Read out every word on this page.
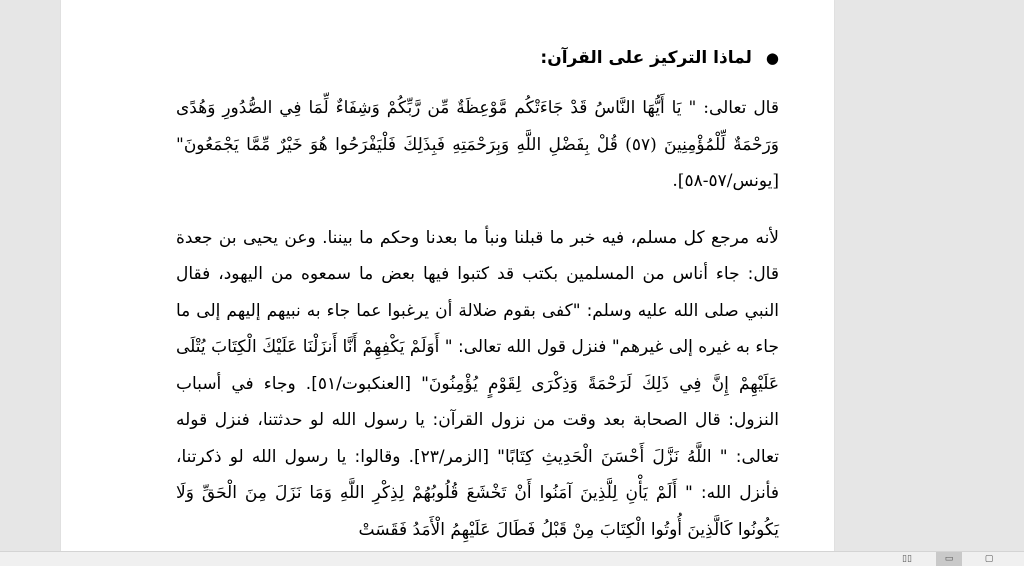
●
لماذا التركيز على القرآن:

قال تعالى: " يَا أَيُّهَا النَّاسُ قَدْ جَاءَتْكُم مَّوْعِظَةٌ مِّن رَّبِّكُمْ وَشِفَاءٌ لِّمَا فِي الصُّدُورِ وَهُدًى وَرَحْمَةٌ لِّلْمُؤْمِنِينَ (٥٧) قُلْ بِفَضْلِ اللَّهِ وَبِرَحْمَتِهِ فَبِذَلِكَ فَلْيَفْرَحُوا هُوَ خَيْرٌ مِّمَّا يَجْمَعُونَ"[يونس/٥٧-٥٨].

لأنه مرجع كل مسلم، فيه خبر ما قبلنا ونبأ ما بعدنا وحكم ما بيننا. وعن يحيى بن جعدة قال: جاء أناس من المسلمين بكتب قد كتبوا فيها بعض ما سمعوه من اليهود، فقال النبي صلى الله عليه وسلم: "كفى بقوم ضلالة أن يرغبوا عما جاء به نبيهم إليهم إلى ما جاء به غيره إلى غيرهم" فنزل قول الله تعالى: " أَوَلَمْ يَكْفِهِمْ أَنَّا أَنزَلْنَا عَلَيْكَ الْكِتَابَ يُتْلَى عَلَيْهِمْ إِنَّ فِي ذَلِكَ لَرَحْمَةً وَذِكْرَى لِقَوْمٍ يُؤْمِنُونَ" [العنكبوت/٥١]. وجاء في أسباب النزول: قال الصحابة بعد وقت من نزول القرآن: يا رسول الله لو حدثتنا، فنزل قوله تعالى: " اللَّهُ نَزَّلَ أَحْسَنَ الْحَدِيثِ كِتَابًا" [الزمر/٢٣]. وقالوا: يا رسول الله لو ذكرتنا، فأنزل الله: " أَلَمْ يَأْنِ لِلَّذِينَ آمَنُوا أَنْ تَخْشَعَ قُلُوبُهُمْ لِذِكْرِ اللَّهِ وَمَا نَزَلَ مِنَ الْحَقِّ وَلَا يَكُونُوا كَالَّذِينَ أُوتُوا الْكِتَابَ مِنْ قَبْلُ فَطَالَ عَلَيْهِمُ الْأَمَدُ فَقَسَتْ

▯▯	▭	▢
